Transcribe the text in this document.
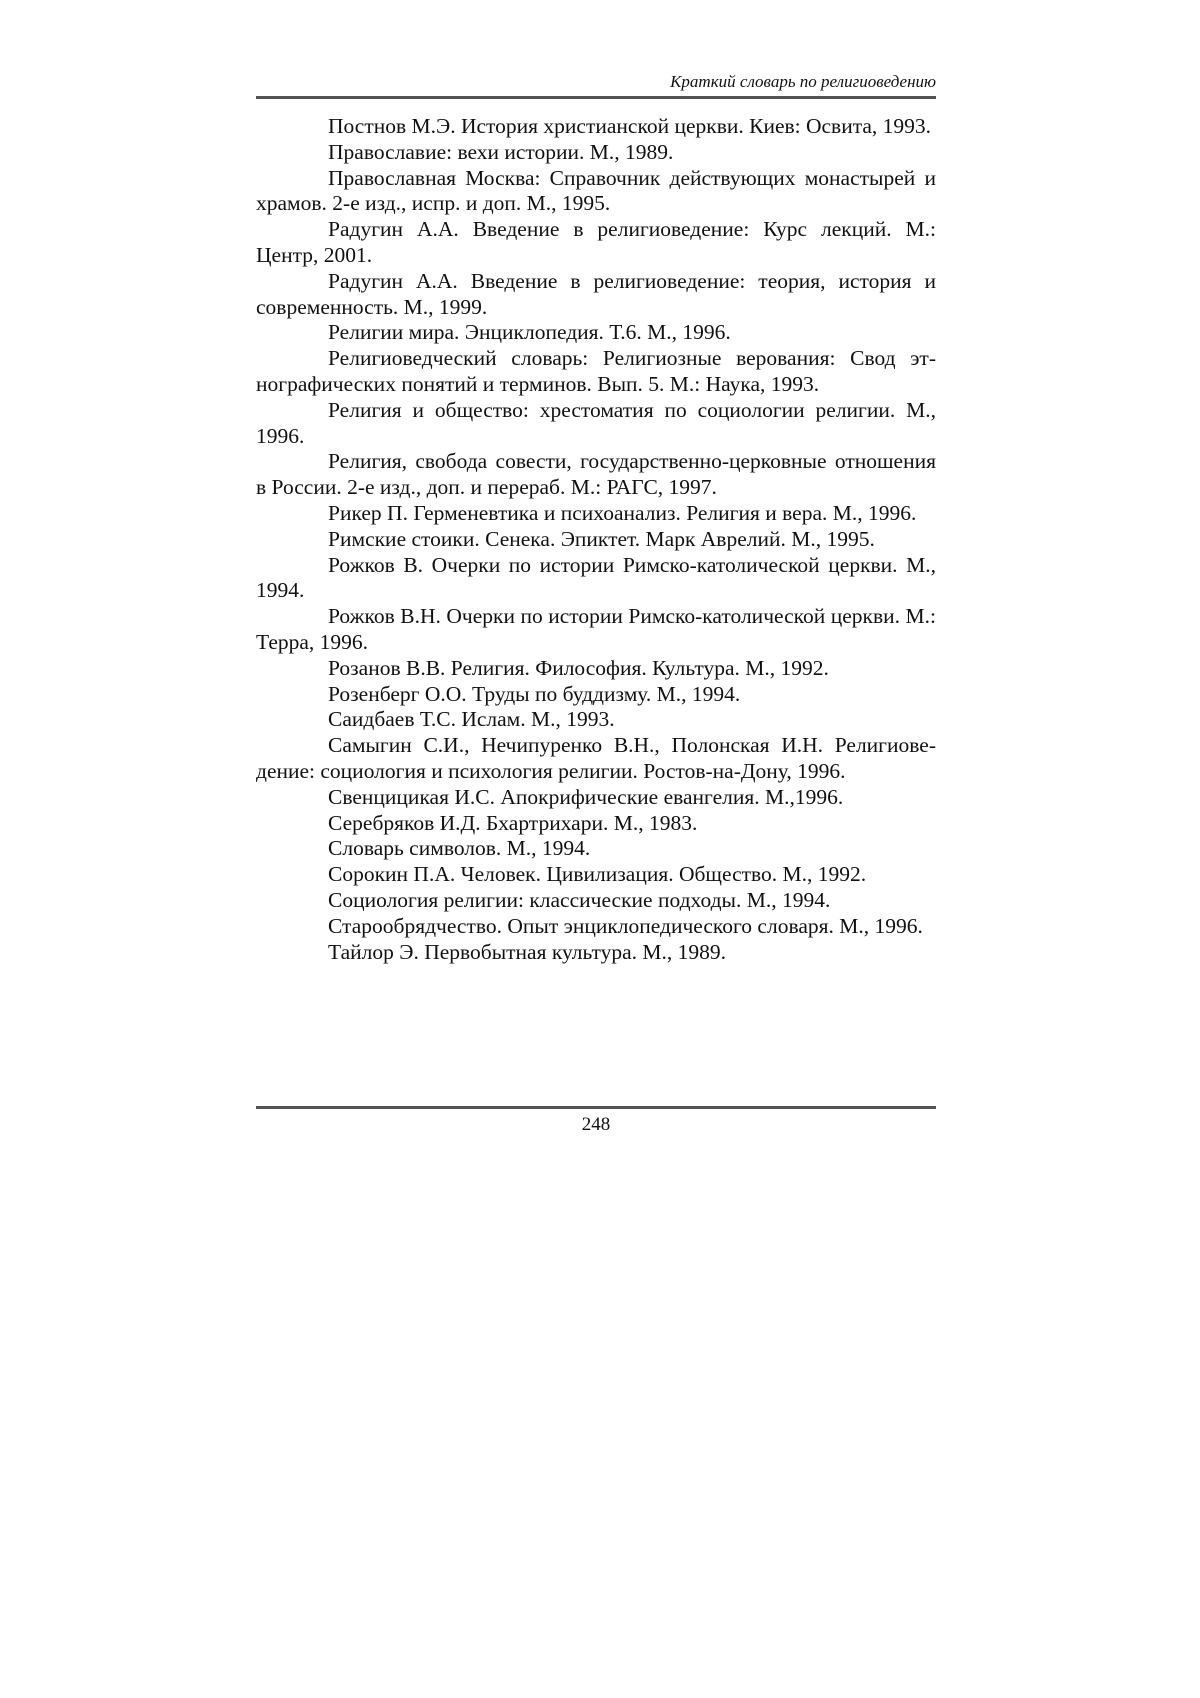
Краткий словарь по религиоведению
Постнов М.Э. История христианской церкви. Киев: Освита, 1993.
Православие: вехи истории. М., 1989.
Православная Москва: Справочник действующих монастырей и храмов. 2-е изд., испр. и доп. М., 1995.
Радугин А.А. Введение в религиоведение: Курс лекций. М.: Центр, 2001.
Радугин А.А. Введение в религиоведение: теория, история и современность. М., 1999.
Религии мира. Энциклопедия. Т.6. М., 1996.
Религиоведческий словарь: Религиозные верования: Свод этнографических понятий и терминов. Вып. 5. М.: Наука, 1993.
Религия и общество: хрестоматия по социологии религии. М., 1996.
Религия, свобода совести, государственно-церковные отношения в России. 2-е изд., доп. и перераб. М.: РАГС, 1997.
Рикер П. Герменевтика и психоанализ. Религия и вера. М., 1996.
Римские стоики. Сенека. Эпиктет. Марк Аврелий. М., 1995.
Рожков В. Очерки по истории Римско-католической церкви. М., 1994.
Рожков В.Н. Очерки по истории Римско-католической церкви. М.: Терра, 1996.
Розанов В.В. Религия. Философия. Культура. М., 1992.
Розенберг О.О. Труды по буддизму. М., 1994.
Саидбаев Т.С. Ислам. М., 1993.
Самыгин С.И., Нечипуренко В.Н., Полонская И.Н. Религиоведение: социология и психология религии. Ростов-на-Дону, 1996.
Свенцицикая И.С. Апокрифические евангелия. М.,1996.
Серебряков И.Д. Бхартрихари. М., 1983.
Словарь символов. М., 1994.
Сорокин П.А. Человек. Цивилизация. Общество. М., 1992.
Социология религии: классические подходы. М., 1994.
Старообрядчество. Опыт энциклопедического словаря. М., 1996.
Тайлор Э. Первобытная культура. М., 1989.
248
